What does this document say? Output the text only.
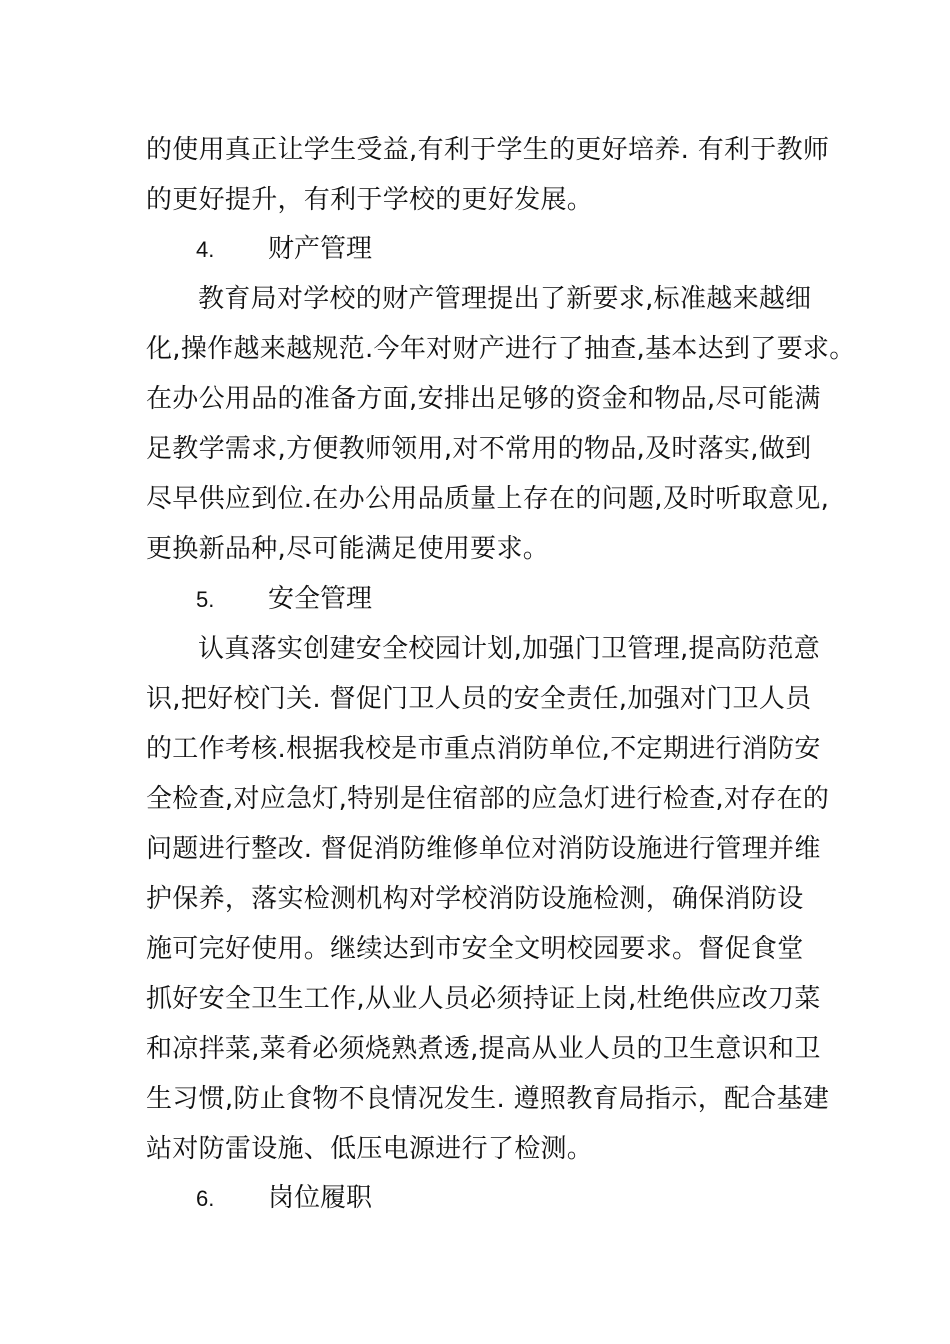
的使用真正让学生受益,有利于学生的更好培养. 有利于教师
的更好提升，有利于学校的更好发展。
4. 财产管理
教育局对学校的财产管理提出了新要求,标准越来越细
化,操作越来越规范.今年对财产进行了抽查,基本达到了要求。
在办公用品的准备方面,安排出足够的资金和物品,尽可能满
足教学需求,方便教师领用,对不常用的物品,及时落实,做到
尽早供应到位.在办公用品质量上存在的问题,及时听取意见,
更换新品种,尽可能满足使用要求。
5. 安全管理
认真落实创建安全校园计划,加强门卫管理,提高防范意
识,把好校门关. 督促门卫人员的安全责任,加强对门卫人员
的工作考核.根据我校是市重点消防单位,不定期进行消防安
全检查,对应急灯,特别是住宿部的应急灯进行检查,对存在的
问题进行整改. 督促消防维修单位对消防设施进行管理并维
护保养，落实检测机构对学校消防设施检测，确保消防设
施可完好使用。继续达到市安全文明校园要求。督促食堂
抓好安全卫生工作,从业人员必须持证上岗,杜绝供应改刀菜
和凉拌菜,菜肴必须烧熟煮透,提高从业人员的卫生意识和卫
生习惯,防止食物不良情况发生. 遵照教育局指示，配合基建
站对防雷设施、低压电源进行了检测。
6. 岗位履职
